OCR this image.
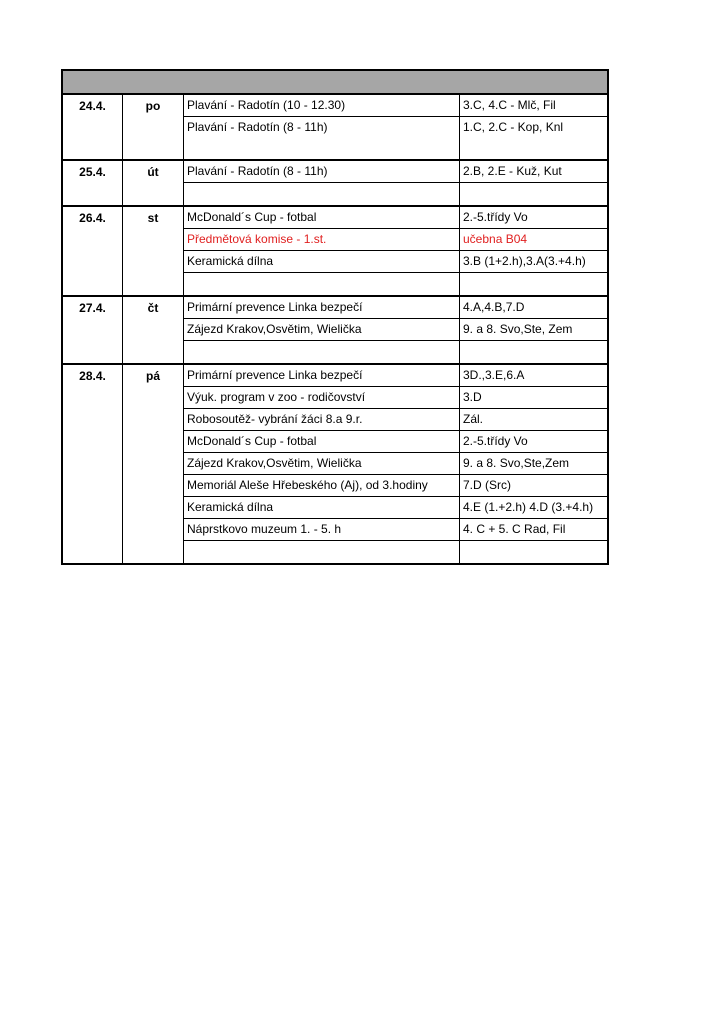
24.4.	po	Plavání - Radotín (10 - 12.30)	3.C, 4.C - Mlč, Fil
Plavání - Radotín (8 - 11h)	1.C, 2.C - Kop, Knl
25.4.	út	Plavání - Radotín (8 - 11h)	2.B, 2.E - Kuž, Kut
26.4.	st	McDonald´s Cup - fotbal	2.-5.třídy Vo
Předmětová komise - 1.st.	učebna B04
Keramická dílna	3.B (1+2.h),3.A(3.+4.h)
27.4.	čt	Primární prevence Linka bezpečí	4.A,4.B,7.D
Zájezd Krakov,Osvětim, Wielička	9. a 8. Svo,Ste, Zem
28.4.	pá	Primární prevence Linka bezpečí	3D.,3.E,6.A
Výuk. program v zoo - rodičovství	3.D
Robosoutěž- vybrání žáci 8.a 9.r.	Zál.
McDonald´s Cup - fotbal	2.-5.třídy Vo
Zájezd Krakov,Osvětim, Wielička	9. a 8. Svo,Ste,Zem
Memoriál Aleše Hřebeského (Aj), od 3.hodiny	7.D (Src)
Keramická dílna	4.E (1.+2.h) 4.D (3.+4.h)
Náprstkovo muzeum 1. - 5. h	4. C + 5. C Rad, Fil
